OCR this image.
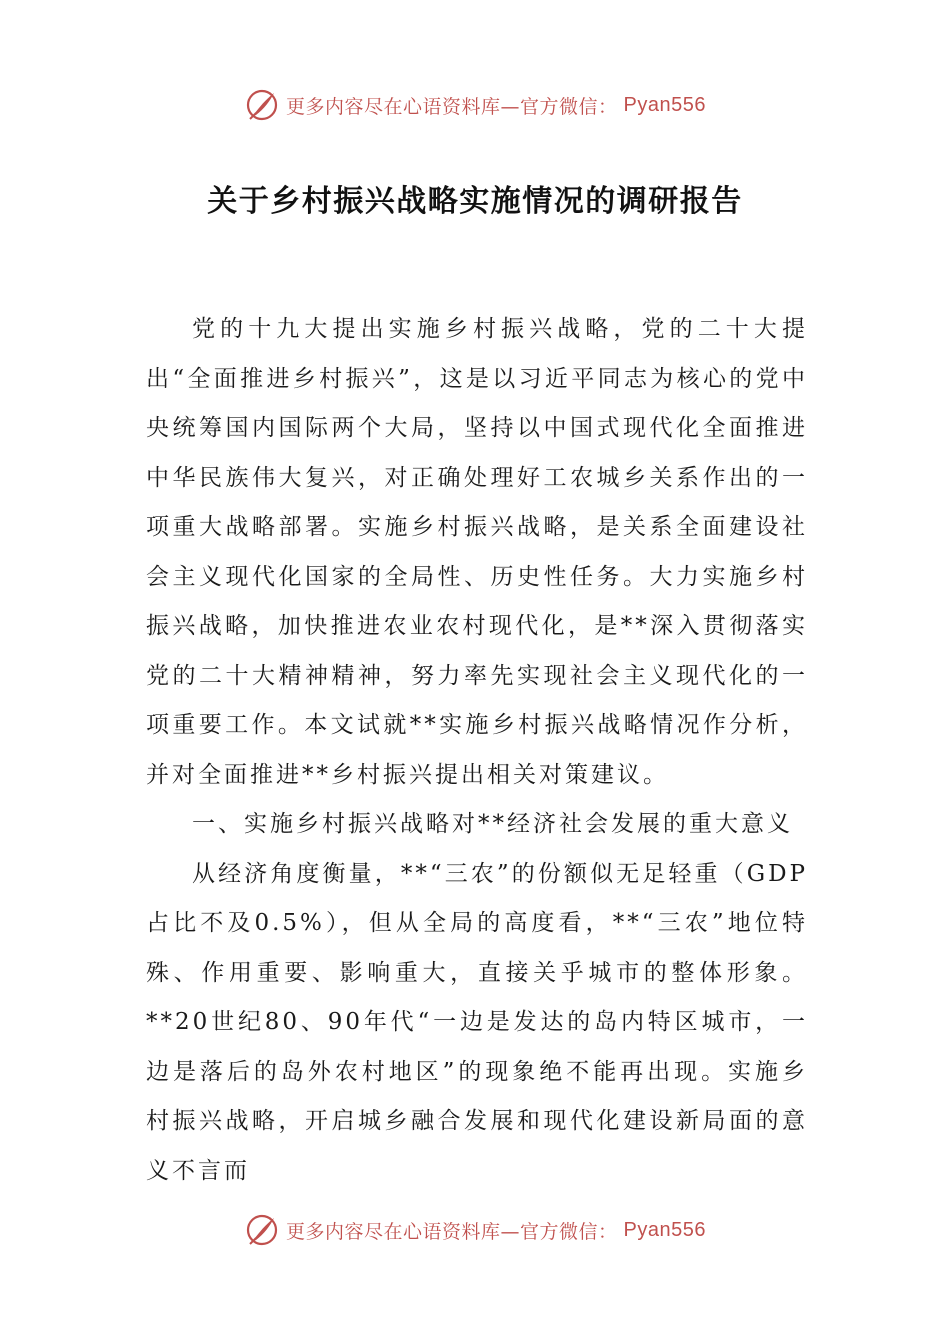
更多内容尽在心语资料库—官方微信： Pyan556
关于乡村振兴战略实施情况的调研报告

党的十九大提出实施乡村振兴战略，党的二十大提出“全面推进乡村振兴”，这是以习近平同志为核心的党中央统筹国内国际两个大局，坚持以中国式现代化全面推进中华民族伟大复兴，对正确处理好工农城乡关系作出的一项重大战略部署。实施乡村振兴战略，是关系全面建设社会主义现代化国家的全局性、历史性任务。大力实施乡村振兴战略，加快推进农业农村现代化，是**深入贯彻落实党的二十大精神精神，努力率先实现社会主义现代化的一项重要工作。本文试就**实施乡村振兴战略情况作分析，并对全面推进**乡村振兴提出相关对策建议。

一、实施乡村振兴战略对**经济社会发展的重大意义

从经济角度衡量，**“三农”的份额似无足轻重（GDP占比不及0.5%），但从全局的高度看，**“三农”地位特殊、作用重要、影响重大，直接关乎城市的整体形象。**20世纪80、90年代“一边是发达的岛内特区城市，一边是落后的岛外农村地区”的现象绝不能再出现。实施乡村振兴战略，开启城乡融合发展和现代化建设新局面的意义不言而

更多内容尽在心语资料库—官方微信： Pyan556
